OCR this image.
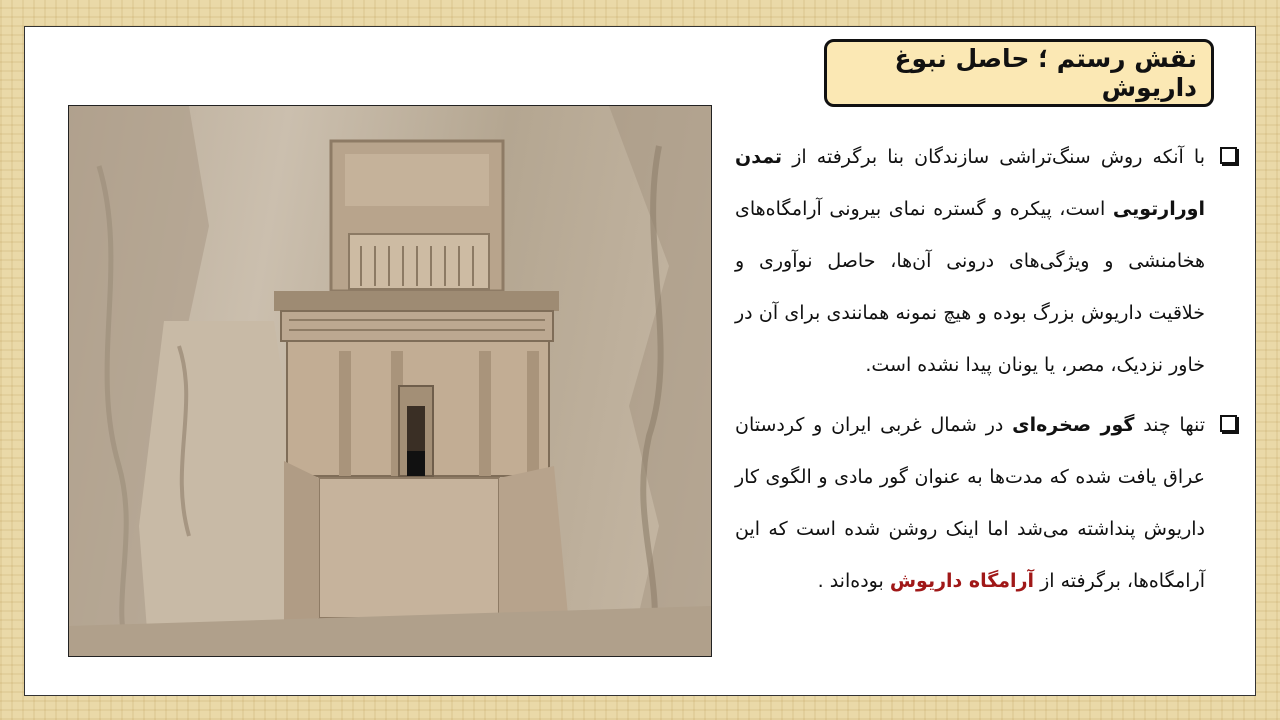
نقش رستم ؛ حاصل نبوغ داریوش
با آنکه روش سنگ‌تراشی سازندگان بنا برگرفته از تمدن اورارتویی است، پیکره و گستره نمای بیرونی آرامگاه‌های هخامنشی و ویژگی‌های درونی آن‌ها، حاصل نوآوری و خلاقیت داریوش بزرگ بوده و هیچ نمونه همانندی برای آن در خاور نزدیک، مصر، یا یونان پیدا نشده است.
تنها چند گور صخره‌ای در شمال غربی ایران و کردستان عراق یافت شده که مدت‌ها به عنوان گور مادی و الگوی کار داریوش پنداشته می‌شد اما اینک روشن شده است که این آرامگاه‌ها، برگرفته از آرامگاه داریوش بوده‌اند .
